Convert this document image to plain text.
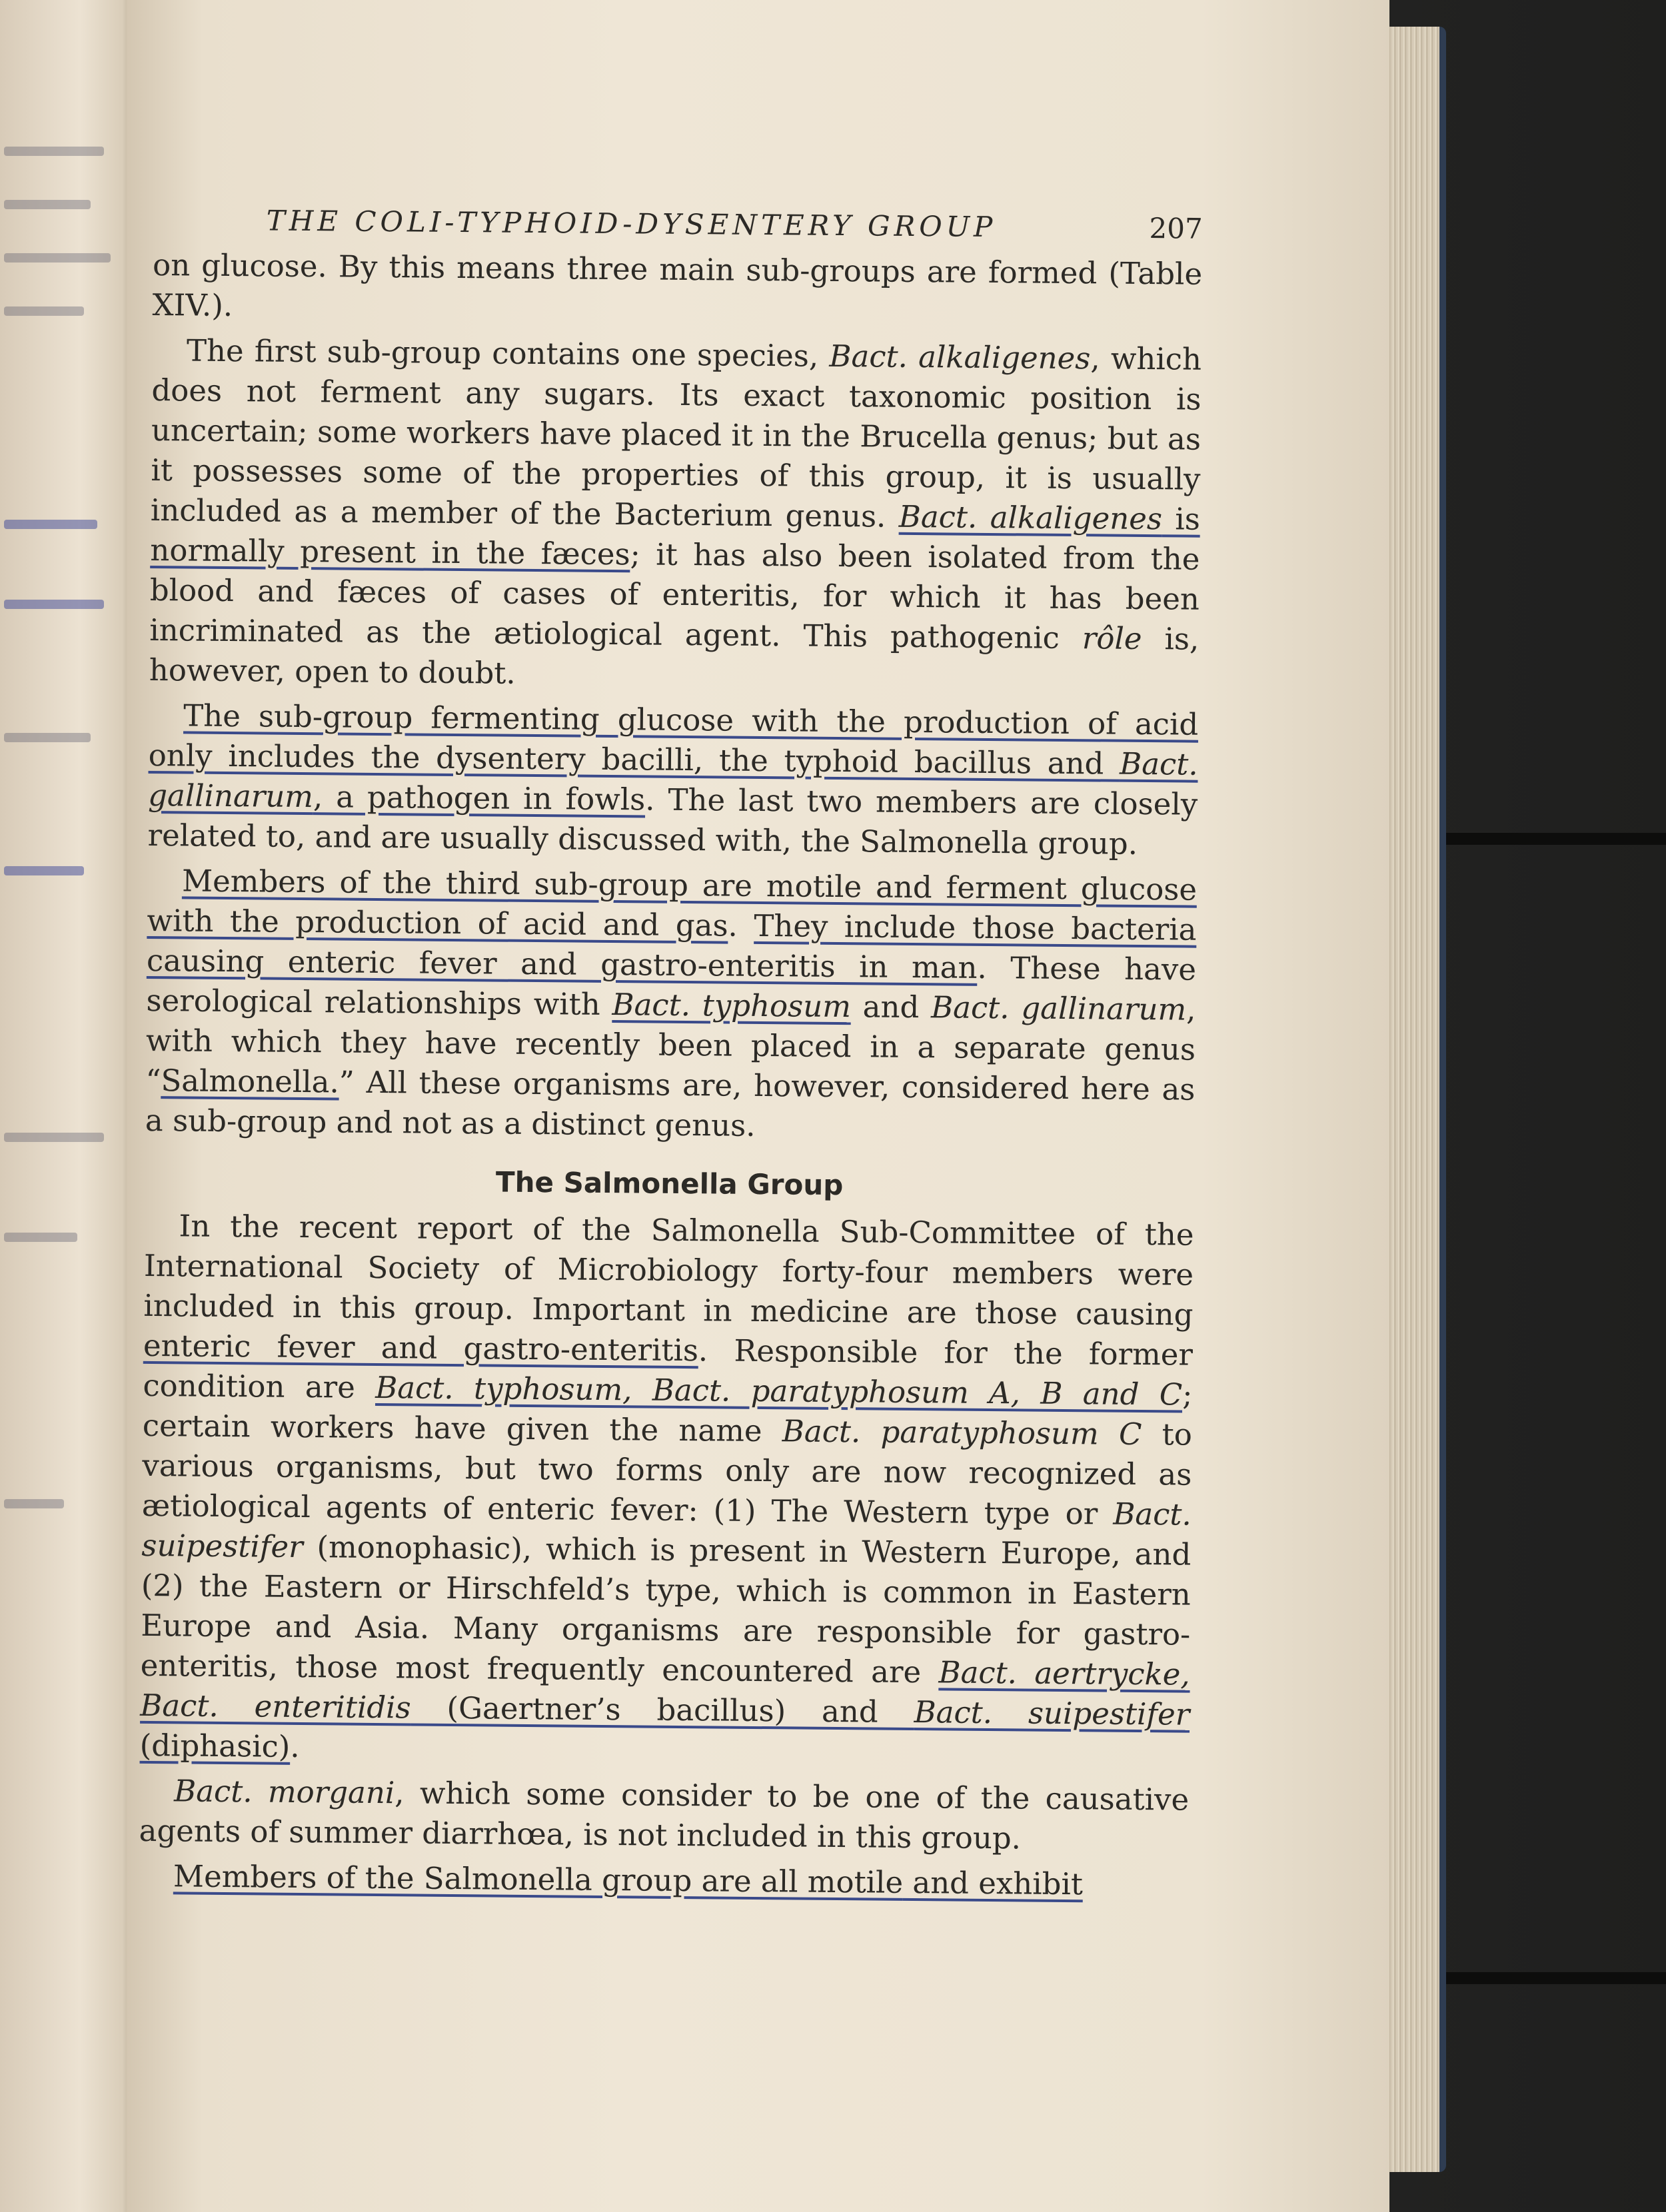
THE COLI-TYPHOID-DYSENTERY GROUP	207

on glucose. By this means three main sub-groups are formed (Table XIV.).

The first sub-group contains one species, Bact. alkaligenes, which does not ferment any sugars. Its exact taxonomic position is uncertain; some workers have placed it in the Brucella genus; but as it possesses some of the properties of this group, it is usually included as a member of the Bacterium genus. Bact. alkaligenes is normally present in the fæces; it has also been isolated from the blood and fæces of cases of enteritis, for which it has been incriminated as the ætiological agent. This pathogenic rôle is, however, open to doubt.

The sub-group fermenting glucose with the production of acid only includes the dysentery bacilli, the typhoid bacillus and Bact. gallinarum, a pathogen in fowls. The last two members are closely related to, and are usually discussed with, the Salmonella group.

Members of the third sub-group are motile and ferment glucose with the production of acid and gas. They include those bacteria causing enteric fever and gastro-enteritis in man. These have serological relationships with Bact. typhosum and Bact. gallinarum, with which they have recently been placed in a separate genus “Salmonella.” All these organisms are, however, considered here as a sub-group and not as a distinct genus.

The Salmonella Group

In the recent report of the Salmonella Sub-Committee of the International Society of Microbiology forty-four members were included in this group. Important in medicine are those causing enteric fever and gastro-enteritis. Responsible for the former condition are Bact. typhosum, Bact. paratyphosum A, B and C; certain workers have given the name Bact. paratyphosum C to various organisms, but two forms only are now recognized as ætiological agents of enteric fever: (1) The Western type or Bact. suipestifer (monophasic), which is present in Western Europe, and (2) the Eastern or Hirschfeld’s type, which is common in Eastern Europe and Asia. Many organisms are responsible for gastro-enteritis, those most frequently encountered are Bact. aertrycke, Bact. enteritidis (Gaertner’s bacillus) and Bact. suipestifer (diphasic).

Bact. morgani, which some consider to be one of the causative agents of summer diarrhœa, is not included in this group.

Members of the Salmonella group are all motile and exhibit
